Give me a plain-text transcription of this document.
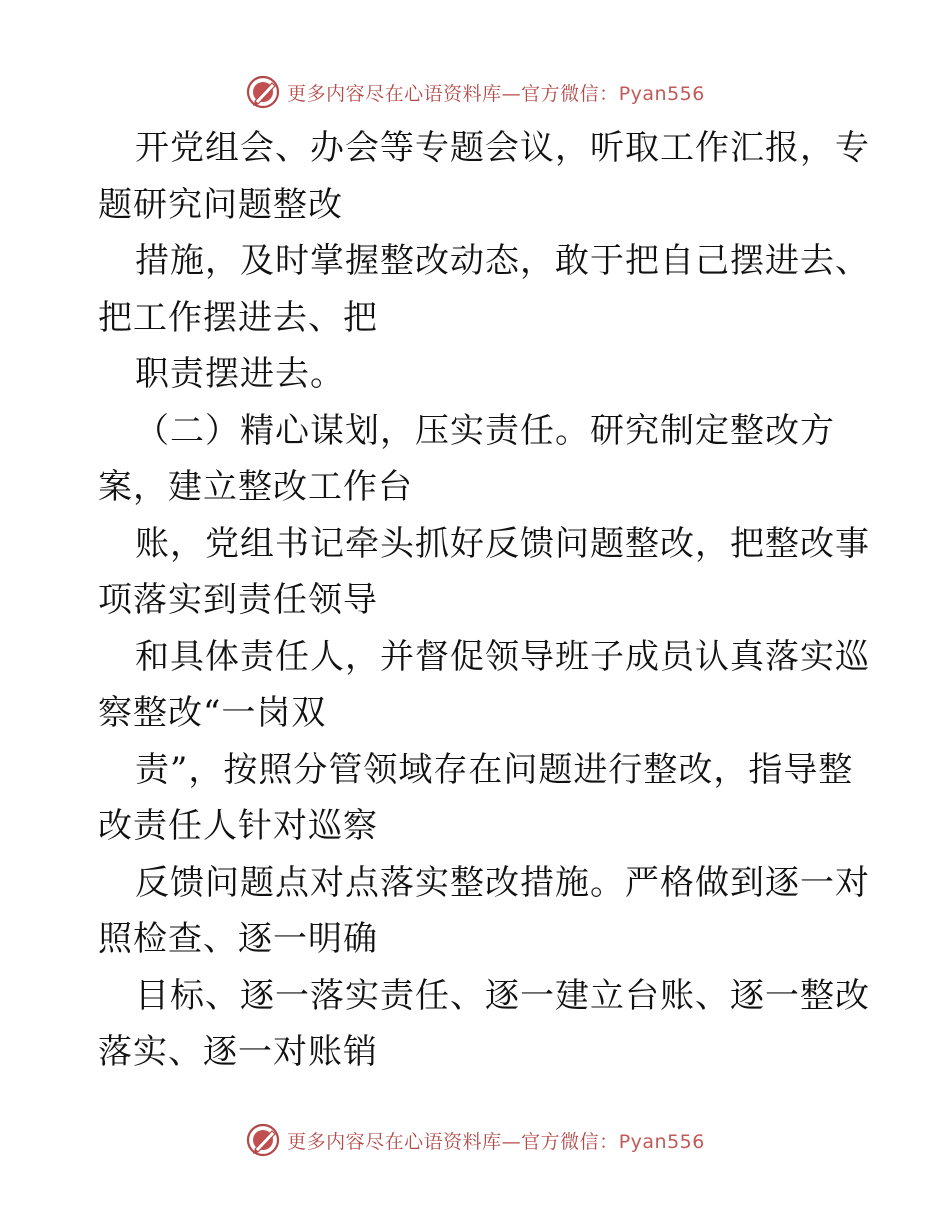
更多内容尽在心语资料库—官方微信：Pyan556
开党组会、办会等专题会议，听取工作汇报，专
题研究问题整改
措施，及时掌握整改动态，敢于把自己摆进去、
把工作摆进去、把
职责摆进去。
（二）精心谋划，压实责任。研究制定整改方
案，建立整改工作台
账，党组书记牵头抓好反馈问题整改，把整改事
项落实到责任领导
和具体责任人，并督促领导班子成员认真落实巡
察整改“一岗双
责”，按照分管领域存在问题进行整改，指导整
改责任人针对巡察
反馈问题点对点落实整改措施。严格做到逐一对
照检查、逐一明确
目标、逐一落实责任、逐一建立台账、逐一整改
落实、逐一对账销
更多内容尽在心语资料库—官方微信：Pyan556
